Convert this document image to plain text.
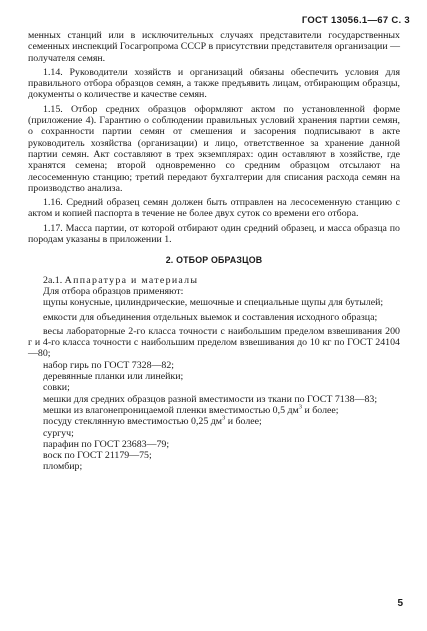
ГОСТ 13056.1—67 С. 3

менных станций или в исключительных случаях представители государственных семенных инспекций Госагропрома СССР в присутствии представителя организации — получателя семян.

1.14. Руководители хозяйств и организаций обязаны обеспечить условия для правильного отбора образцов семян, а также предъявить лицам, отбирающим образцы, документы о количестве и качестве семян.

1.15. Отбор средних образцов оформляют актом по установленной форме (приложение 4). Гарантию о соблюдении правильных условий хранения партии семян, о сохранности партии семян от смешения и засорения подписывают в акте руководитель хозяйства (организации) и лицо, ответственное за хранение данной партии семян. Акт составляют в трех экземплярах: один оставляют в хозяйстве, где хранятся семена; второй одновременно со средним образцом отсылают на лесосеменную станцию; третий передают бухгалтерии для списания расхода семян на производство анализа.

1.16. Средний образец семян должен быть отправлен на лесосеменную станцию с актом и копией паспорта в течение не более двух суток со времени его отбора.

1.17. Масса партии, от которой отбирают один средний образец, и масса образца по породам указаны в приложении 1.

2. ОТБОР ОБРАЗЦОВ

2а.1. Аппаратура и материалы

Для отбора образцов применяют:

щупы конусные, цилиндрические, мешочные и специальные щупы для бутылей;

емкости для объединения отдельных выемок и составления исходного образца;

весы лабораторные 2-го класса точности с наибольшим пределом взвешивания 200 г и 4-го класса точности с наибольшим пределом взвешивания до 10 кг по ГОСТ 24104—80;

набор гирь по ГОСТ 7328—82;

деревянные планки или линейки;

совки;

мешки для средних образцов разной вместимости из ткани по ГОСТ 7138—83;

мешки из влагонепроницаемой пленки вместимостью 0,5 $дм^3$ и более;

посуду стеклянную вместимостью 0,25 $дм^3$ и более;

сургуч;

парафин по ГОСТ 23683—79;

воск по ГОСТ 21179—75;

пломбир;

5
